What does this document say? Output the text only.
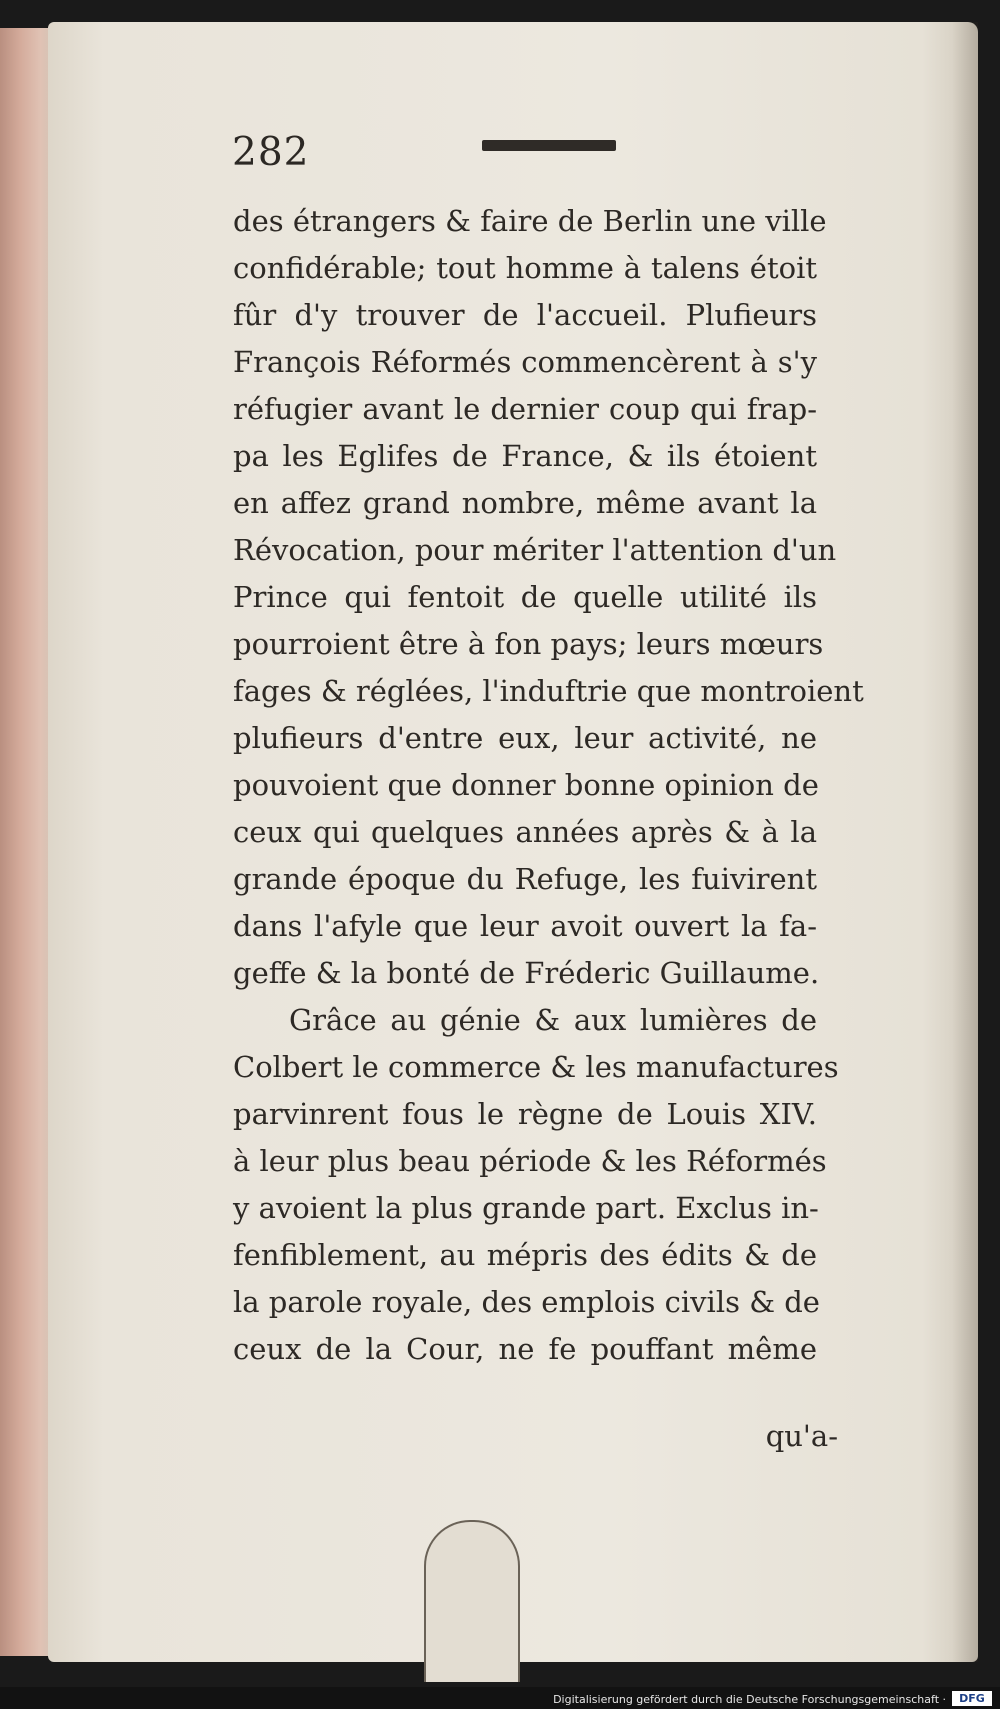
282
des étrangers & faire de Berlin une ville
confidérable; tout homme à talens étoit
fûr d'y trouver de l'accueil. Plufieurs
François Réformés commencèrent à s'y
réfugier avant le dernier coup qui frap-
pa les Eglifes de France, & ils étoient
en affez grand nombre, même avant la
Révocation, pour mériter l'attention d'un
Prince qui fentoit de quelle utilité ils
pourroient être à fon pays; leurs mœurs
fages & réglées, l'induftrie que montroient
plufieurs d'entre eux, leur activité, ne
pouvoient que donner bonne opinion de
ceux qui quelques années après & à la
grande époque du Refuge, les fuivirent
dans l'afyle que leur avoit ouvert la fa-
geffe & la bonté de Fréderic Guillaume.
Grâce au génie & aux lumières de
Colbert le commerce & les manufactures
parvinrent fous le règne de Louis XIV.
à leur plus beau période & les Réformés
y avoient la plus grande part. Exclus in-
fenfiblement, au mépris des édits & de
la parole royale, des emplois civils & de
ceux de la Cour, ne fe pouffant même
qu'a-
Digitalisierung gefördert durch die Deutsche Forschungsgemeinschaft ·	DFG
